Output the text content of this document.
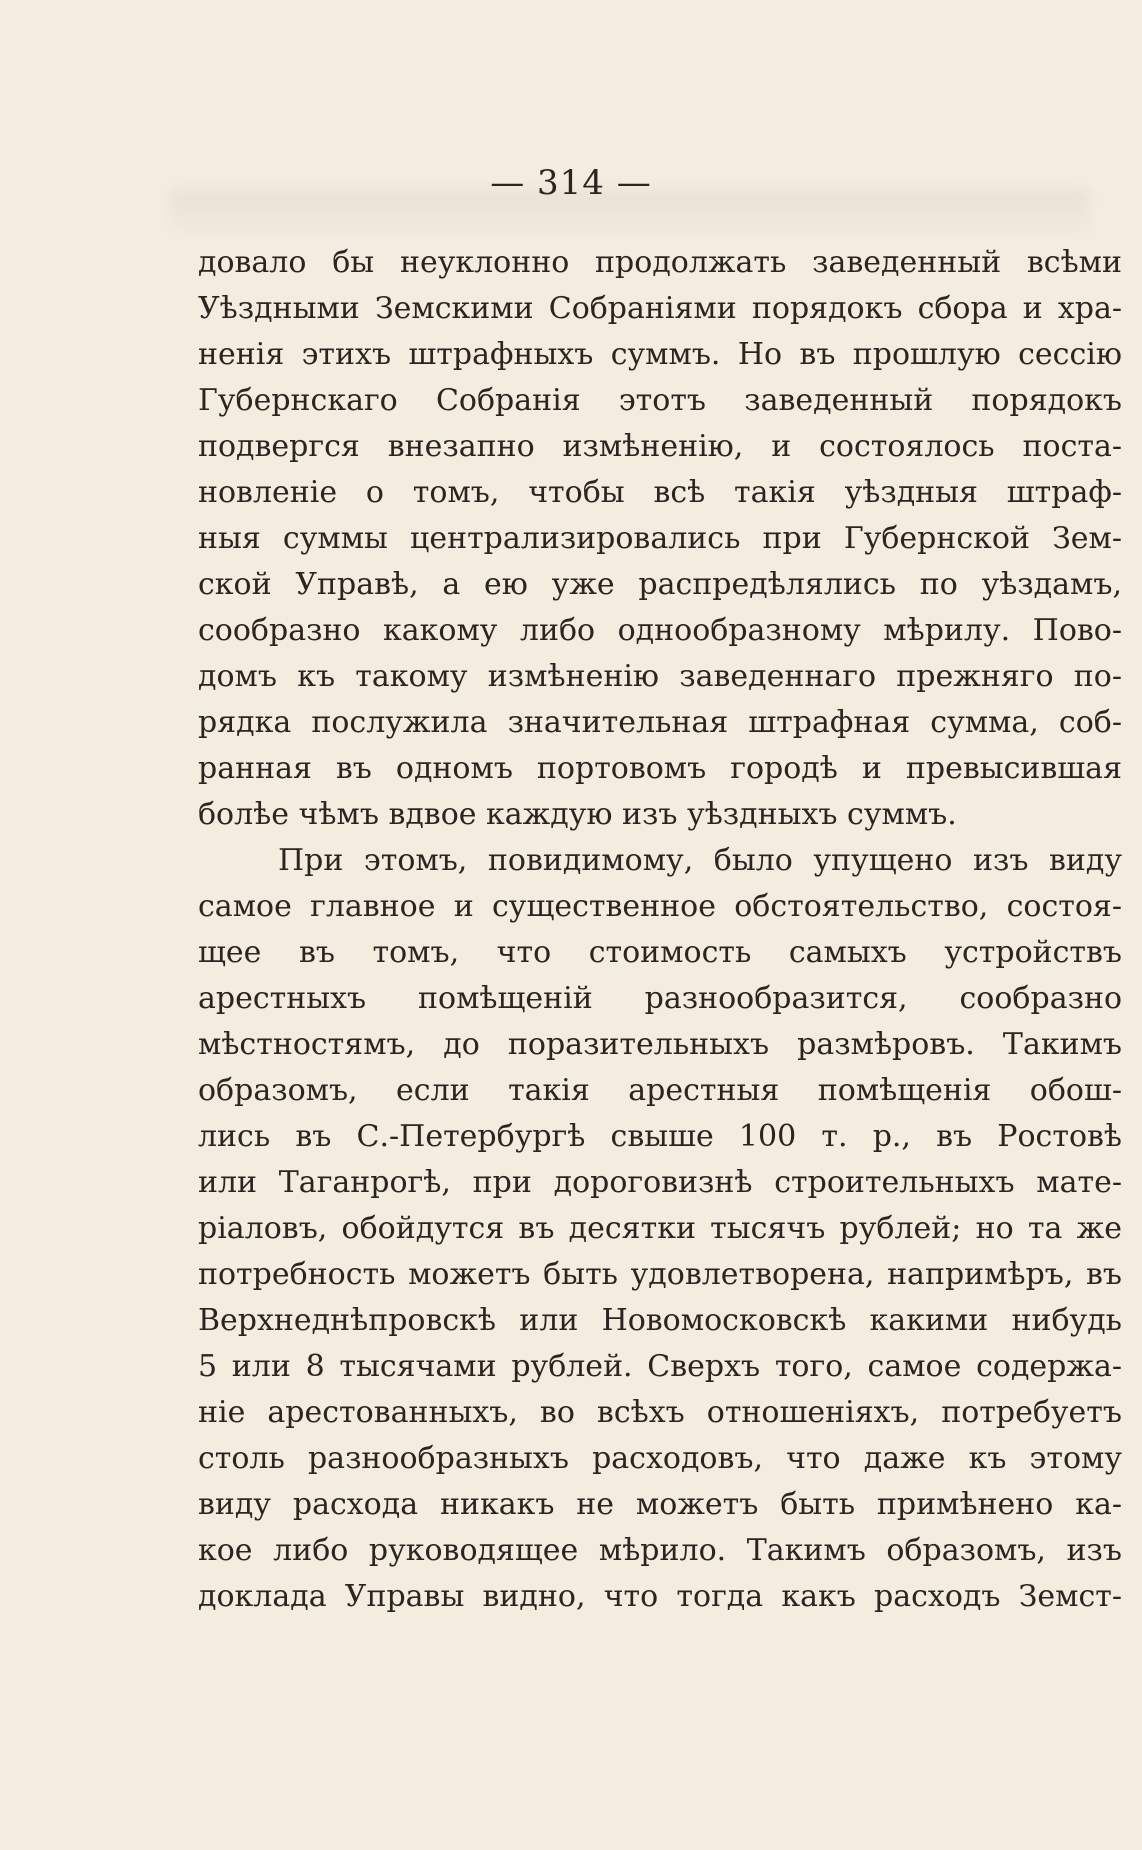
— 314 —
довало бы неуклонно продолжать заведенный всѣми
Уѣздными Земскими Собраніями порядокъ сбора и хра-
ненія этихъ штрафныхъ суммъ. Но въ прошлую сессію
Губернскаго Собранія этотъ заведенный порядокъ
подвергся внезапно измѣненію, и состоялось поста-
новленіе о томъ, чтобы всѣ такія уѣздныя штраф-
ныя суммы централизировались при Губернской Зем-
ской Управѣ, а ею уже распредѣлялись по уѣздамъ,
сообразно какому либо однообразному мѣрилу. Пово-
домъ къ такому измѣненію заведеннаго прежняго по-
рядка послужила значительная штрафная сумма, соб-
ранная въ одномъ портовомъ городѣ и превысившая
болѣе чѣмъ вдвое каждую изъ уѣздныхъ суммъ.
При этомъ, повидимому, было упущено изъ виду
самое главное и существенное обстоятельство, состоя-
щее въ томъ, что стоимость самыхъ устройствъ
арестныхъ помѣщеній разнообразится, сообразно
мѣстностямъ, до поразительныхъ размѣровъ. Такимъ
образомъ, если такія арестныя помѣщенія обош-
лись въ С.-Петербургѣ свыше 100 т. р., въ Ростовѣ
или Таганрогѣ, при дороговизнѣ строительныхъ мате-
ріаловъ, обойдутся въ десятки тысячъ рублей; но та же
потребность можетъ быть удовлетворена, напримѣръ, въ
Верхнеднѣпровскѣ или Новомосковскѣ какими нибудь
5 или 8 тысячами рублей. Сверхъ того, самое содержа-
ніе арестованныхъ, во всѣхъ отношеніяхъ, потребуетъ
столь разнообразныхъ расходовъ, что даже къ этому
виду расхода никакъ не можетъ быть примѣнено ка-
кое либо руководящее мѣрило. Такимъ образомъ, изъ
доклада Управы видно, что тогда какъ расходъ Земст-
